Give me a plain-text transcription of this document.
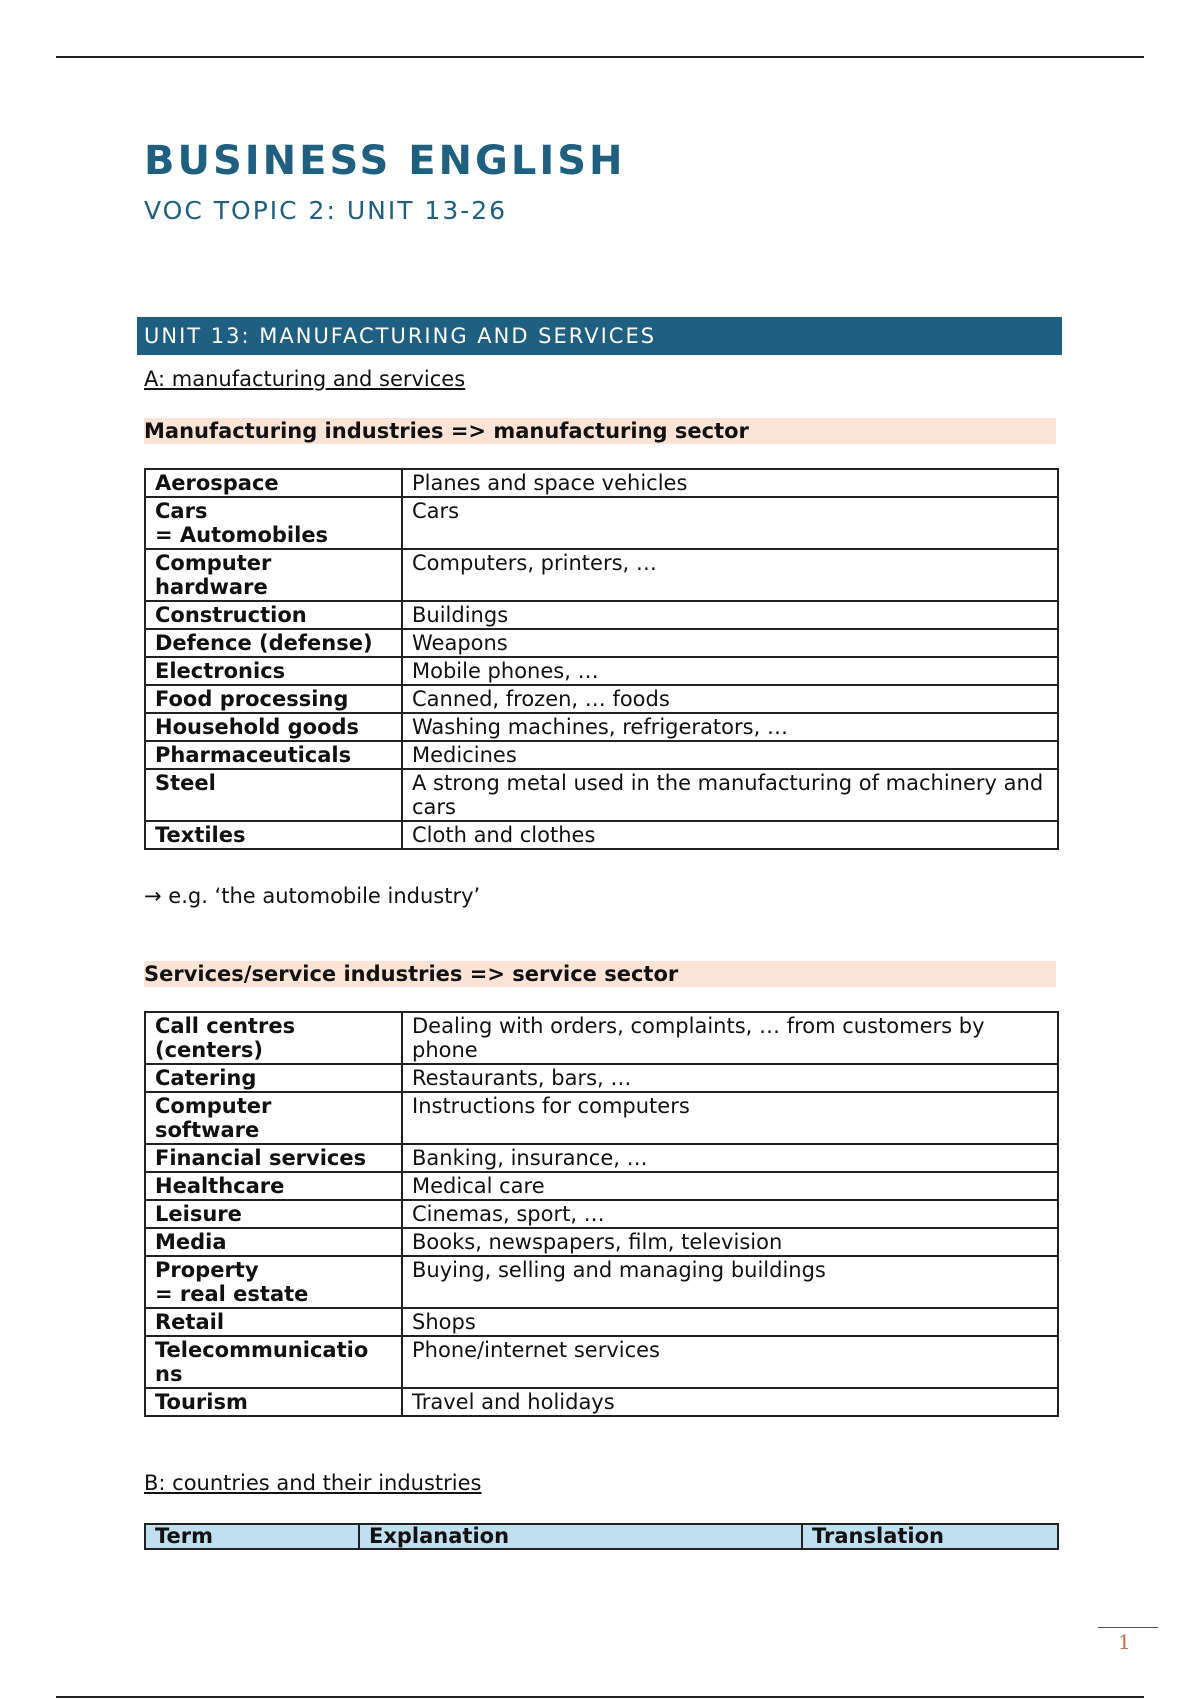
BUSINESS ENGLISH
VOC TOPIC 2: UNIT 13-26
UNIT 13: MANUFACTURING AND SERVICES
A: manufacturing and services
Manufacturing industries => manufacturing sector
Aerospace	Planes and space vehicles
Cars
= Automobiles	Cars
Computer
hardware	Computers, printers, …
Construction	Buildings
Defence (defense)	Weapons
Electronics	Mobile phones, …
Food processing	Canned, frozen, … foods
Household goods	Washing machines, refrigerators, …
Pharmaceuticals	Medicines
Steel	A strong metal used in the manufacturing of machinery and cars
Textiles	Cloth and clothes
→ e.g. ‘the automobile industry’
Services/service industries => service sector
Call centres
(centers)	Dealing with orders, complaints, … from customers by phone
Catering	Restaurants, bars, …
Computer
software	Instructions for computers
Financial services	Banking, insurance, …
Healthcare	Medical care
Leisure	Cinemas, sport, …
Media	Books, newspapers, film, television
Property
= real estate	Buying, selling and managing buildings
Retail	Shops
Telecommunicatio
ns	Phone/internet services
Tourism	Travel and holidays
B: countries and their industries
Term	Explanation	Translation
1
